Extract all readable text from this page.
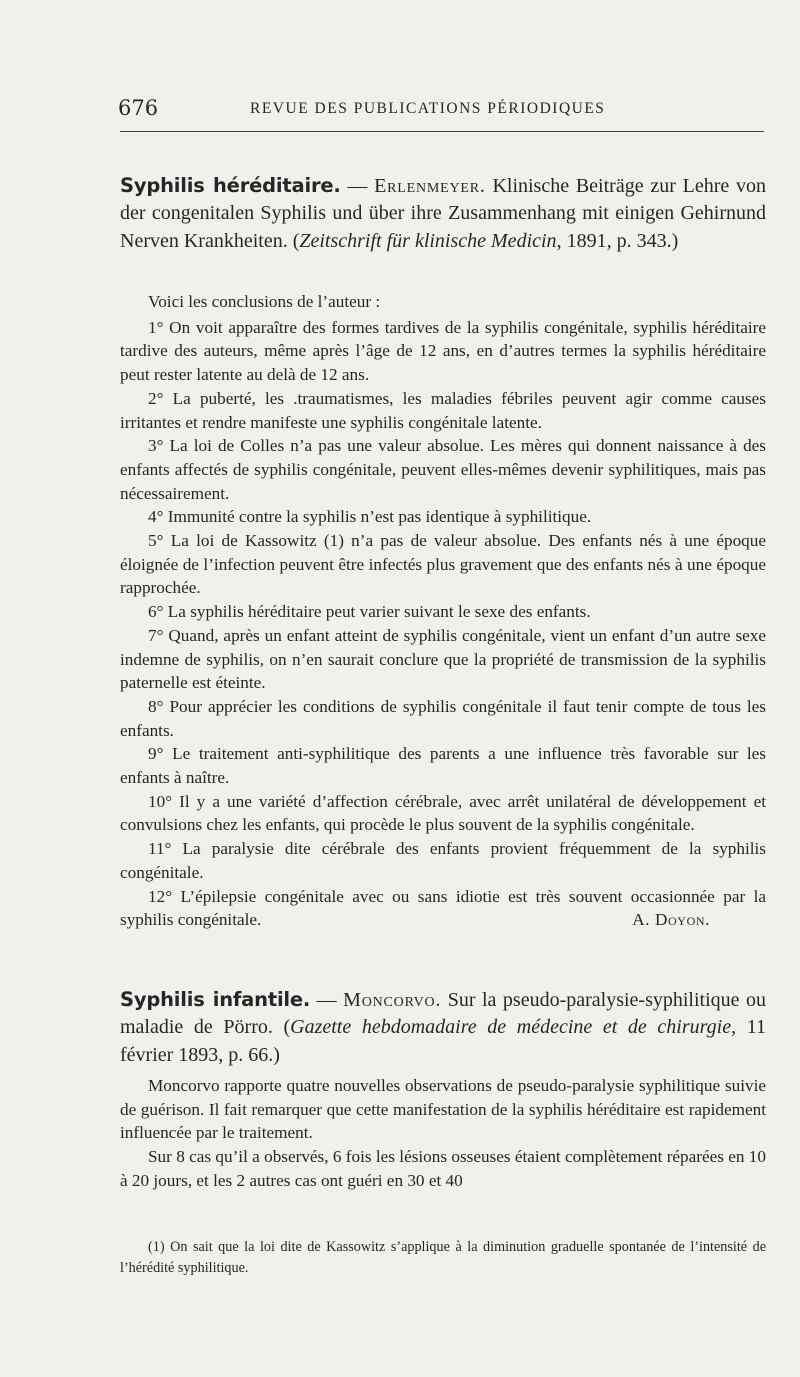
676	REVUE DES PUBLICATIONS PÉRIODIQUES

Syphilis héréditaire. — Erlenmeyer. Klinische Beiträge zur Lehre von der congenitalen Syphilis und über ihre Zusammenhang mit einigen Gehirnund Nerven Krankheiten. (Zeitschrift für klinische Medicin, 1891, p. 343.)

Voici les conclusions de l’auteur :

1° On voit apparaître des formes tardives de la syphilis congénitale, syphilis héréditaire tardive des auteurs, même après l’âge de 12 ans, en d’autres termes la syphilis héréditaire peut rester latente au delà de 12 ans.

2° La puberté, les .traumatismes, les maladies fébriles peuvent agir comme causes irritantes et rendre manifeste une syphilis congénitale latente.

3° La loi de Colles n’a pas une valeur absolue. Les mères qui donnent naissance à des enfants affectés de syphilis congénitale, peuvent elles-mêmes devenir syphilitiques, mais pas nécessairement.

4° Immunité contre la syphilis n’est pas identique à syphilitique.

5° La loi de Kassowitz (1) n’a pas de valeur absolue. Des enfants nés à une époque éloignée de l’infection peuvent être infectés plus gravement que des enfants nés à une époque rapprochée.

6° La syphilis héréditaire peut varier suivant le sexe des enfants.

7° Quand, après un enfant atteint de syphilis congénitale, vient un enfant d’un autre sexe indemne de syphilis, on n’en saurait conclure que la propriété de transmission de la syphilis paternelle est éteinte.

8° Pour apprécier les conditions de syphilis congénitale il faut tenir compte de tous les enfants.

9° Le traitement anti-syphilitique des parents a une influence très favorable sur les enfants à naître.

10° Il y a une variété d’affection cérébrale, avec arrêt unilatéral de développement et convulsions chez les enfants, qui procède le plus souvent de la syphilis congénitale.

11° La paralysie dite cérébrale des enfants provient fréquemment de la syphilis congénitale.

12° L’épilepsie congénitale avec ou sans idiotie est très souvent occasionnée par la syphilis congénitale.	A. Doyon.

Syphilis infantile. — Moncorvo. Sur la pseudo-paralysie-syphilitique ou maladie de Pörro. (Gazette hebdomadaire de médecine et de chirurgie, 11 février 1893, p. 66.)

Moncorvo rapporte quatre nouvelles observations de pseudo-paralysie syphilitique suivie de guérison. Il fait remarquer que cette manifestation de la syphilis héréditaire est rapidement influencée par le traitement.

Sur 8 cas qu’il a observés, 6 fois les lésions osseuses étaient complètement réparées en 10 à 20 jours, et les 2 autres cas ont guéri en 30 et 40

(1) On sait que la loi dite de Kassowitz s’applique à la diminution graduelle spontanée de l’intensité de l’hérédité syphilitique.
